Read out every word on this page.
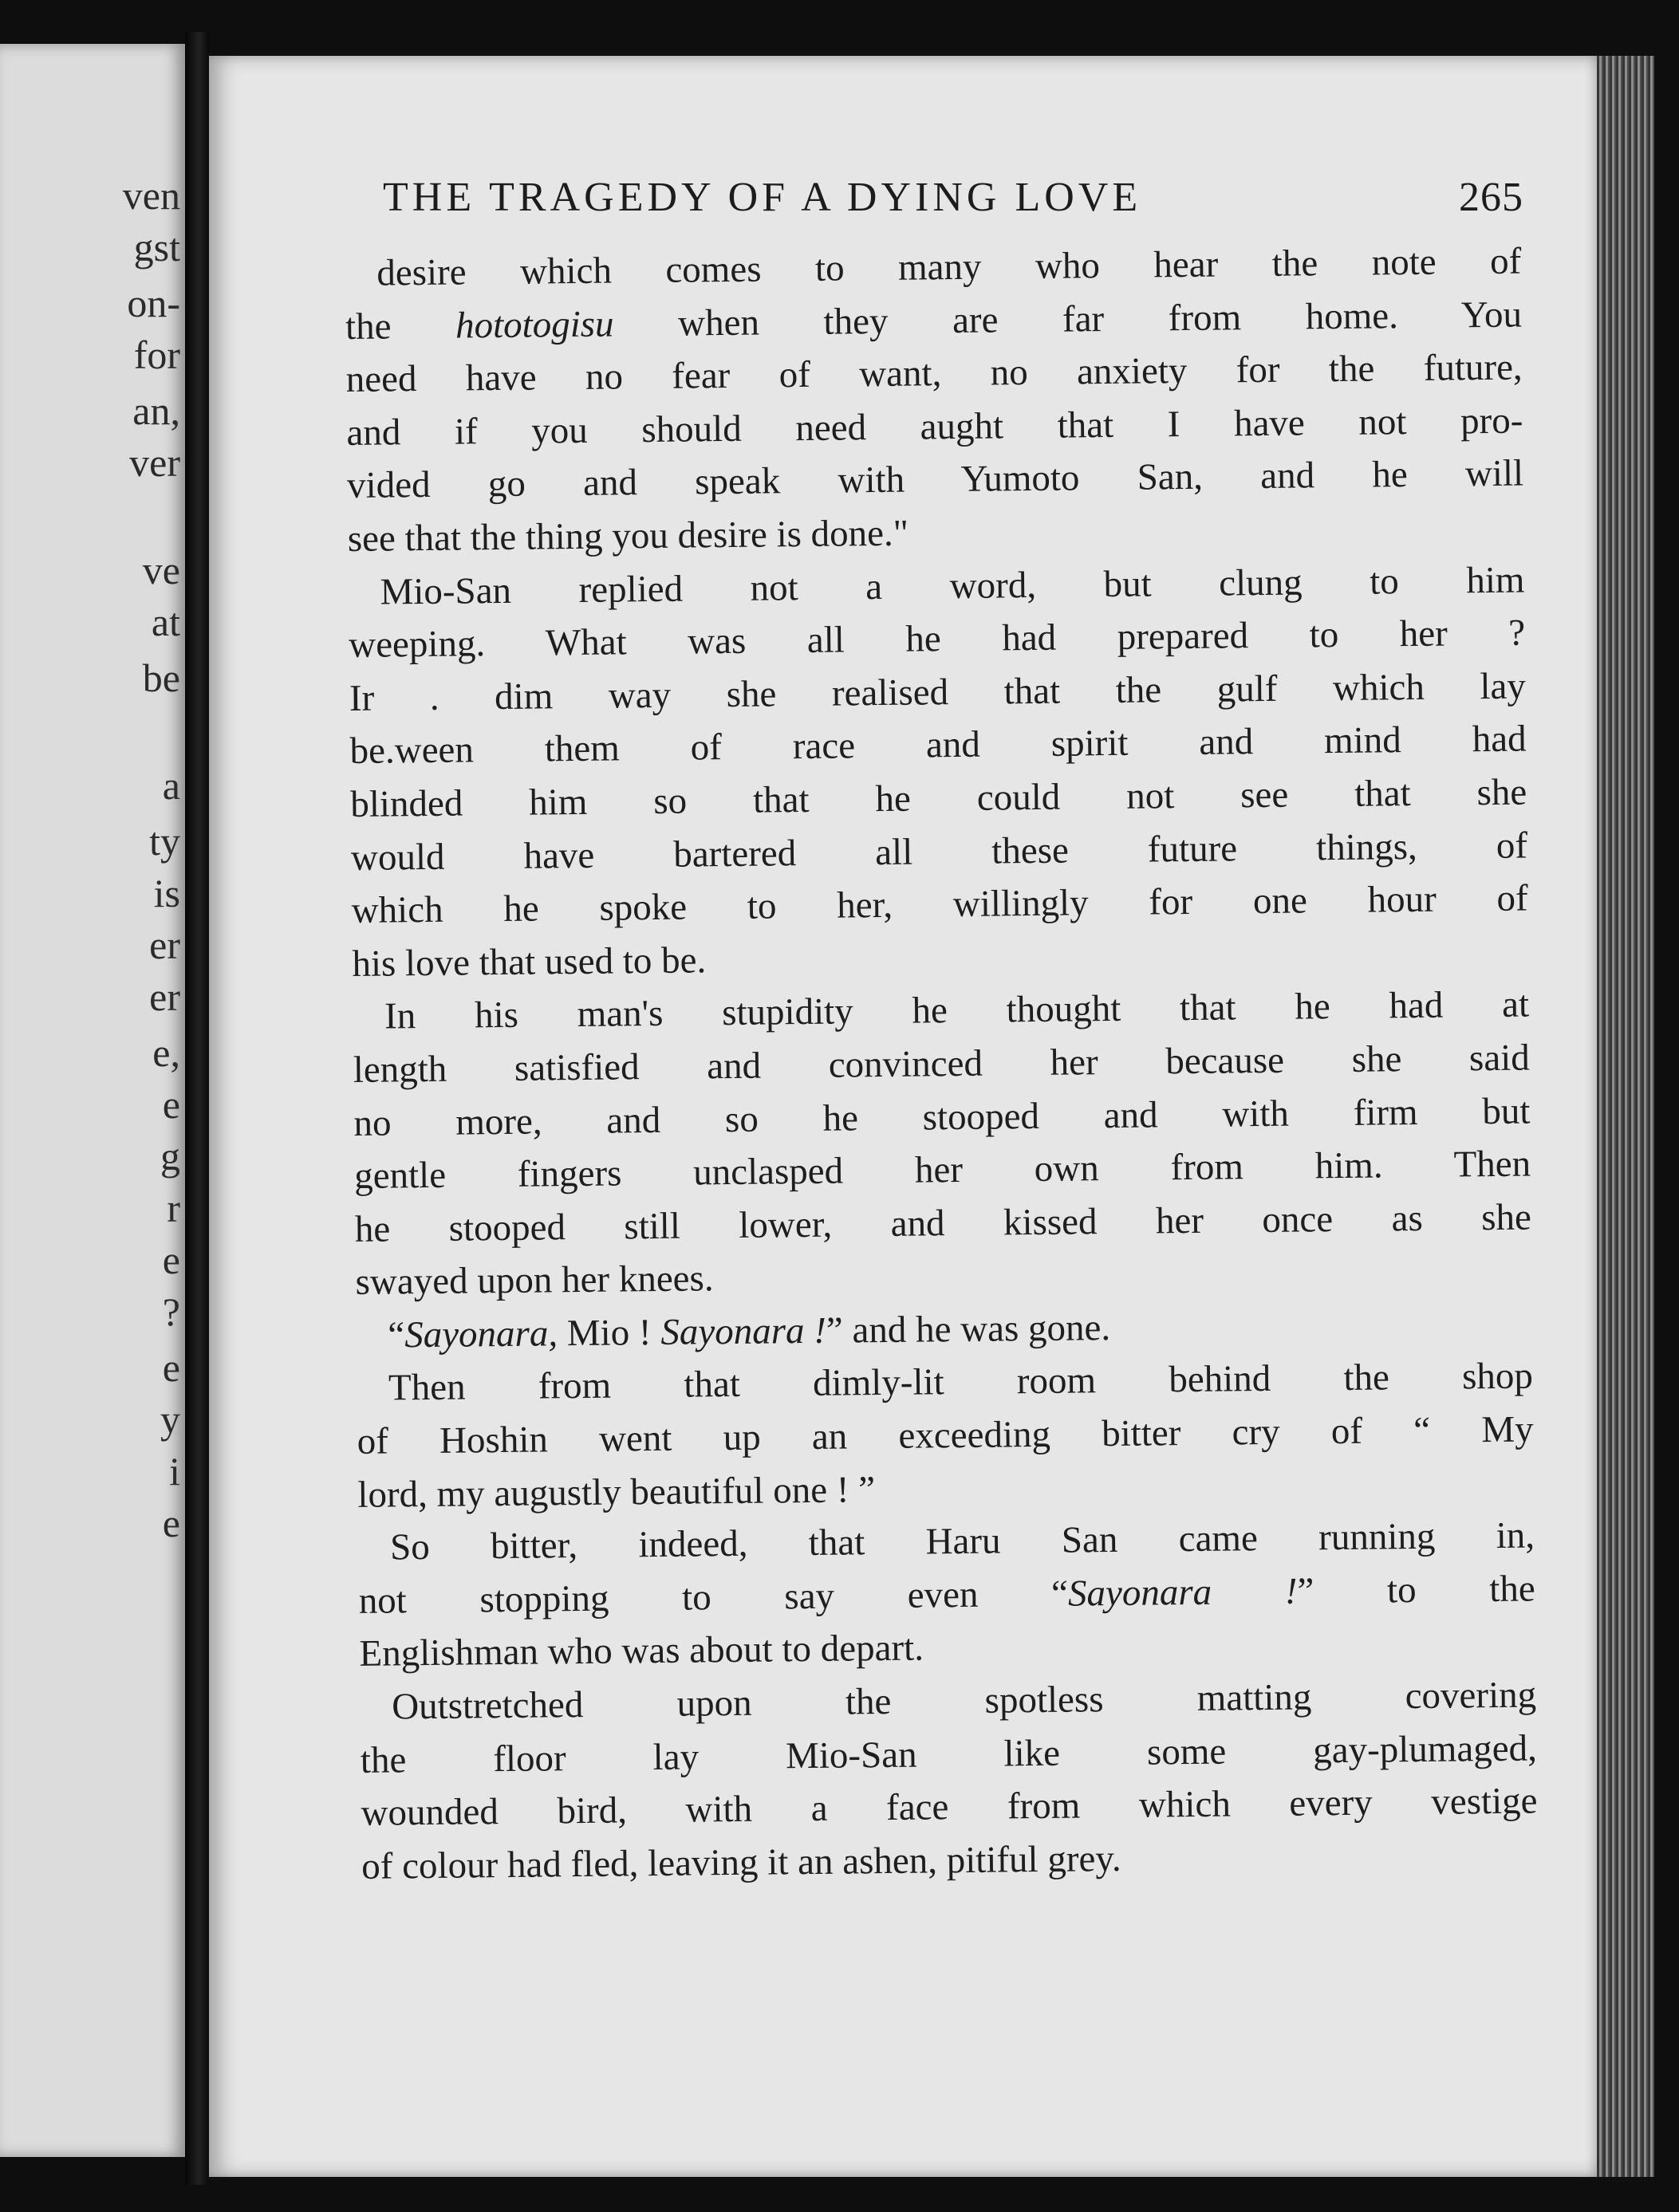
ven
gst
on-
for
an,
ver
ve
at
be
a
ty
is
er
er
e,
e
g
r
e
?
e
y
i
e
THE TRAGEDY OF A DYING LOVE	265
desire which comes to many who hear the note of
the hototogisu when they are far from home. You
need have no fear of want, no anxiety for the future,
and if you should need aught that I have not pro-
vided go and speak with Yumoto San, and he will
see that the thing you desire is done."
Mio-San replied not a word, but clung to him
weeping. What was all he had prepared to her ?
Ir . dim way she realised that the gulf which lay
be.ween them of race and spirit and mind had
blinded him so that he could not see that she
would have bartered all these future things, of
which he spoke to her, willingly for one hour of
his love that used to be.
In his man's stupidity he thought that he had at
length satisfied and convinced her because she said
no more, and so he stooped and with firm but
gentle fingers unclasped her own from him. Then
he stooped still lower, and kissed her once as she
swayed upon her knees.
“Sayonara, Mio ! Sayonara !” and he was gone.
Then from that dimly-lit room behind the shop
of Hoshin went up an exceeding bitter cry of “ My
lord, my augustly beautiful one ! ”
So bitter, indeed, that Haru San came running in,
not stopping to say even “Sayonara !” to the
Englishman who was about to depart.
Outstretched upon the spotless matting covering
the floor lay Mio-San like some gay-plumaged,
wounded bird, with a face from which every vestige
of colour had fled, leaving it an ashen, pitiful grey.
